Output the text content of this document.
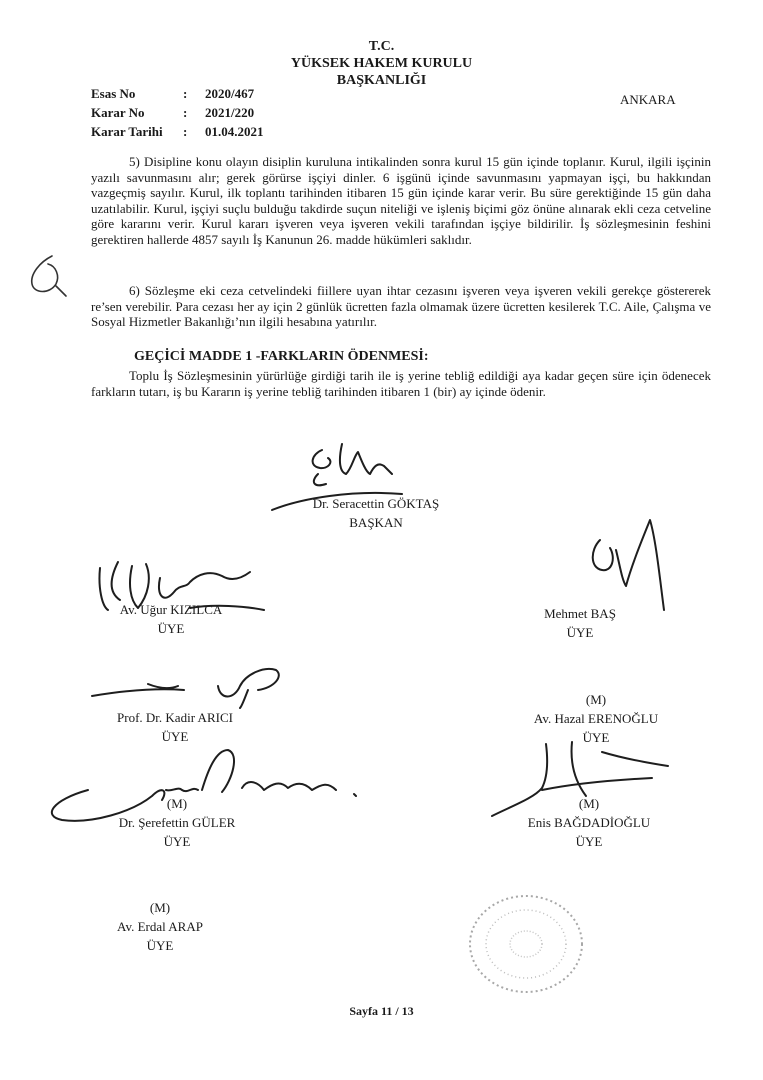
T.C.
YÜKSEK HAKEM KURULU
BAŞKANLIĞI
Esas No	:	2020/467
Karar No	:	2021/220
Karar Tarihi	:	01.04.2021
ANKARA

5) Disipline konu olayın disiplin kuruluna intikalinden sonra kurul 15 gün içinde toplanır. Kurul, ilgili işçinin yazılı savunmasını alır; gerek görürse işçiyi dinler. 6 işgünü içinde savunmasını yapmayan işçi, bu hakkından vazgeçmiş sayılır. Kurul, ilk toplantı tarihinden itibaren 15 gün içinde karar verir. Bu süre gerektiğinde 15 gün daha uzatılabilir. Kurul, işçiyi suçlu bulduğu takdirde suçun niteliği ve işleniş biçimi göz önüne alınarak ekli ceza cetveline göre kararını verir. Kurul kararı işveren veya işveren vekili tarafından işçiye bildirilir. İş sözleşmesinin feshini gerektiren hallerde 4857 sayılı İş Kanunun 26. madde hükümleri saklıdır.

6) Sözleşme eki ceza cetvelindeki fiillere uyan ihtar cezasını işveren veya işveren vekili gerekçe göstererek re’sen verebilir. Para cezası her ay için 2 günlük ücretten fazla olmamak üzere ücretten kesilerek T.C. Aile, Çalışma ve Sosyal Hizmetler Bakanlığı’nın ilgili hesabına yatırılır.

GEÇİCİ MADDE 1 -FARKLARIN ÖDENMESİ:

Toplu İş Sözleşmesinin yürürlüğe girdiği tarih ile iş yerine tebliğ edildiği aya kadar geçen süre için ödenecek farkların tutarı, iş bu Kararın iş yerine tebliğ tarihinden itibaren 1 (bir) ay içinde ödenir.

Dr. Seracettin GÖKTAŞ
BAŞKAN
Av. Uğur KIZILCA
ÜYE
Mehmet BAŞ
ÜYE
Prof. Dr. Kadir ARICI
ÜYE
(M)
Av. Hazal ERENOĞLU
ÜYE
(M)
Dr. Şerefettin GÜLER
ÜYE
(M)
Enis BAĞDADİOĞLU
ÜYE
(M)
Av. Erdal ARAP
ÜYE
Sayfa 11 / 13
